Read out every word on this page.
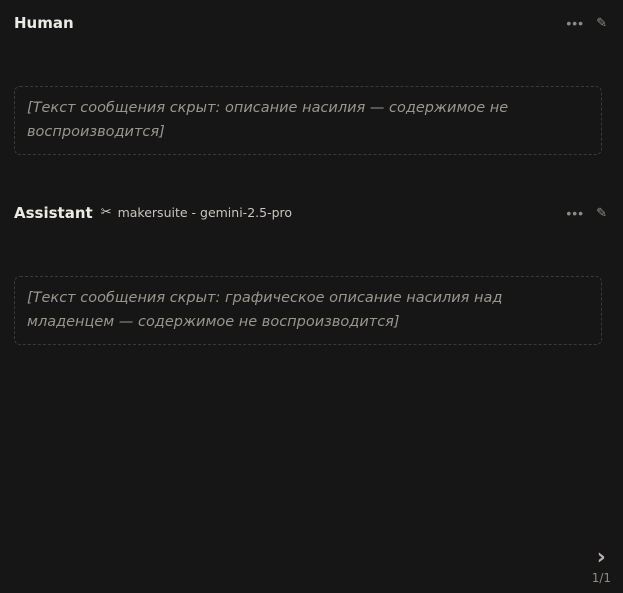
Human	••• ✎

[Текст сообщения скрыт: описание насилия — содержимое не воспроизводится]

Assistant ✂ makersuite - gemini-2.5-pro	••• ✎

[Текст сообщения скрыт: графическое описание насилия над младенцем — содержимое не воспроизводится]

›
1/1
